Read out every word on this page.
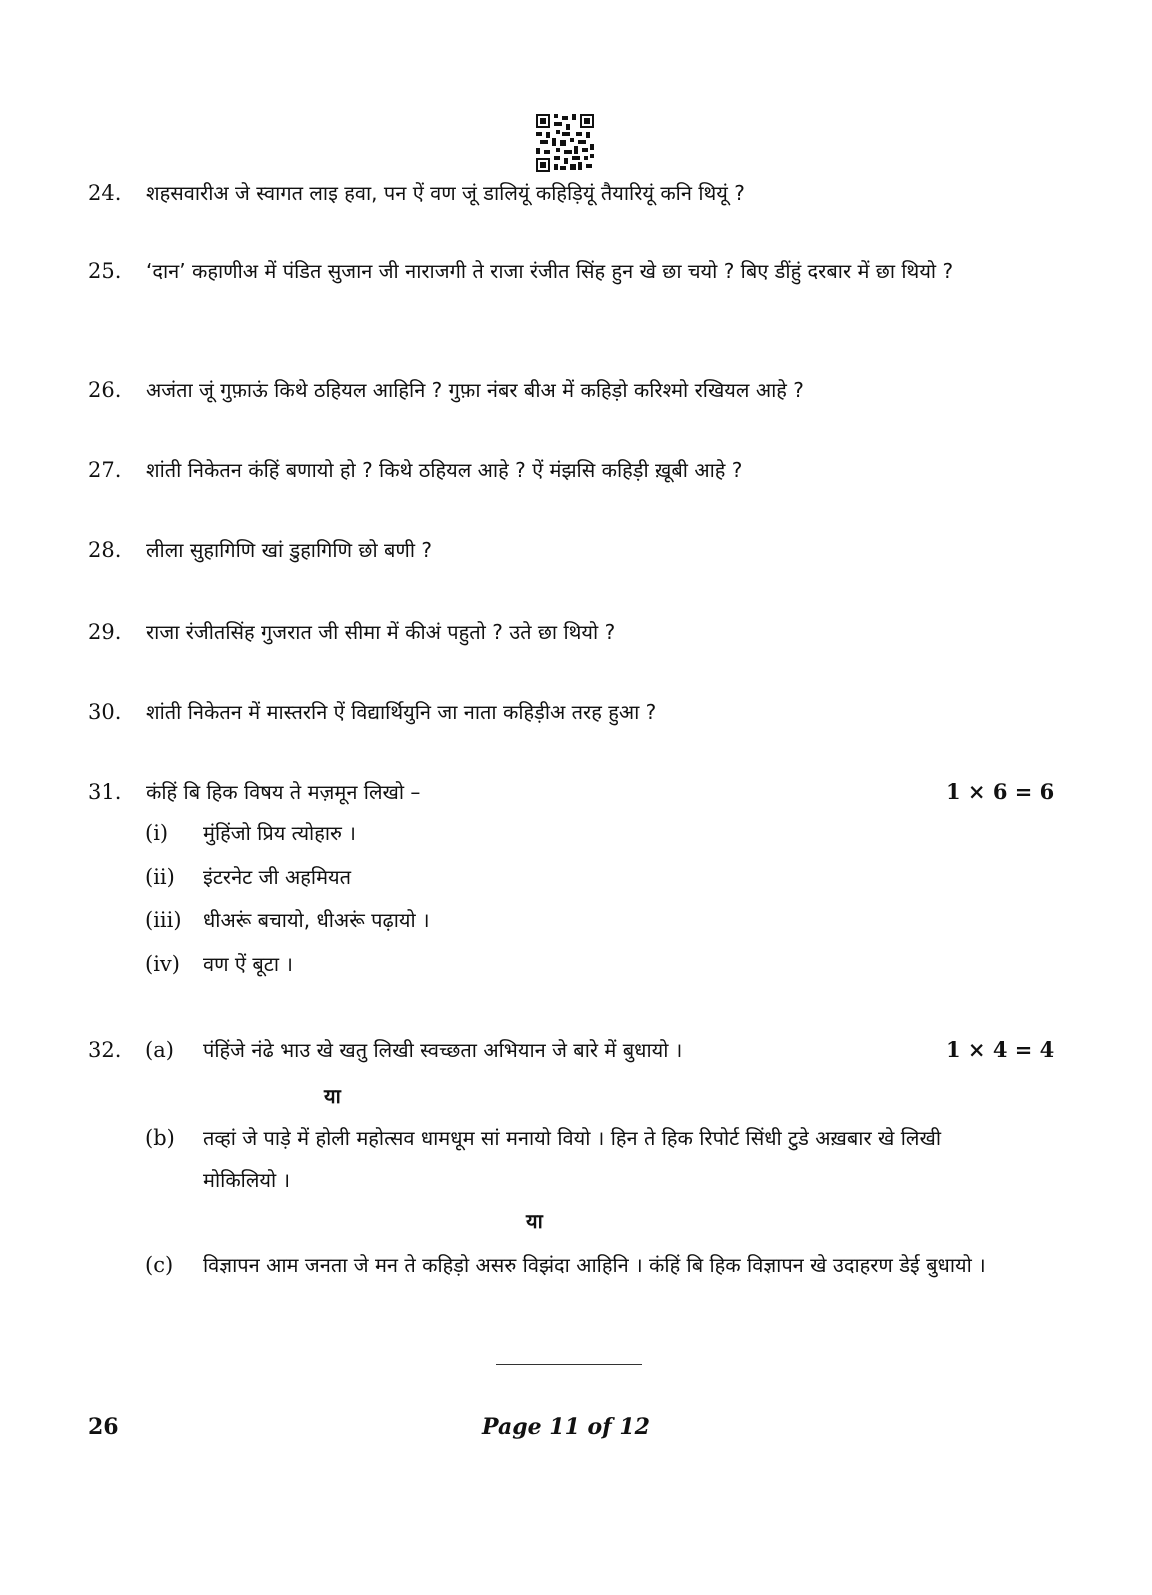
24. शहसवारीअ जे स्वागत लाइ हवा, पन ऐं वण जूं डालियूं कहिड़ियूं तैयारियूं कनि थियूं ?
25. ‘दान’ कहाणीअ में पंडित सुजान जी नाराजगी ते राजा रंजीत सिंह हुन खे छा चयो ? बिए डींहुं दरबार में छा थियो ?
26. अजंता जूं गुफ़ाऊं किथे ठहियल आहिनि ? गुफ़ा नंबर बीअ में कहिड़ो करिश्मो रखियल आहे ?
27. शांती निकेतन कंहिं बणायो हो ? किथे ठहियल आहे ? ऐं मंझसि कहिड़ी ख़ूबी आहे ?
28. लीला सुहागिणि खां डुहागिणि छो बणी ?
29. राजा रंजीतसिंह गुजरात जी सीमा में कीअं पहुतो ? उते छा थियो ?
30. शांती निकेतन में मास्तरनि ऐं विद्यार्थियुनि जा नाता कहिड़ीअ तरह हुआ ?
31. कंहिं बि हिक विषय ते मज़मून लिखो –	1 × 6 = 6
(i) मुंहिंजो प्रिय त्योहारु ।
(ii) इंटरनेट जी अहमियत
(iii) धीअरूं बचायो, धीअरूं पढ़ायो ।
(iv) वण ऐं बूटा ।
32.	1 × 4 = 4
(a) पंहिंजे नंढे भाउ खे खतु लिखी स्वच्छता अभियान जे बारे में बुधायो ।
या
(b) तव्हां जे पाड़े में होली महोत्सव धामधूम सां मनायो वियो । हिन ते हिक रिपोर्ट सिंधी टुडे अख़बार खे लिखी मोकिलियो ।
या
(c) विज्ञापन आम जनता जे मन ते कहिड़ो असरु विझंदा आहिनि । कंहिं बि हिक विज्ञापन खे उदाहरण डेई बुधायो ।
26	Page 11 of 12
